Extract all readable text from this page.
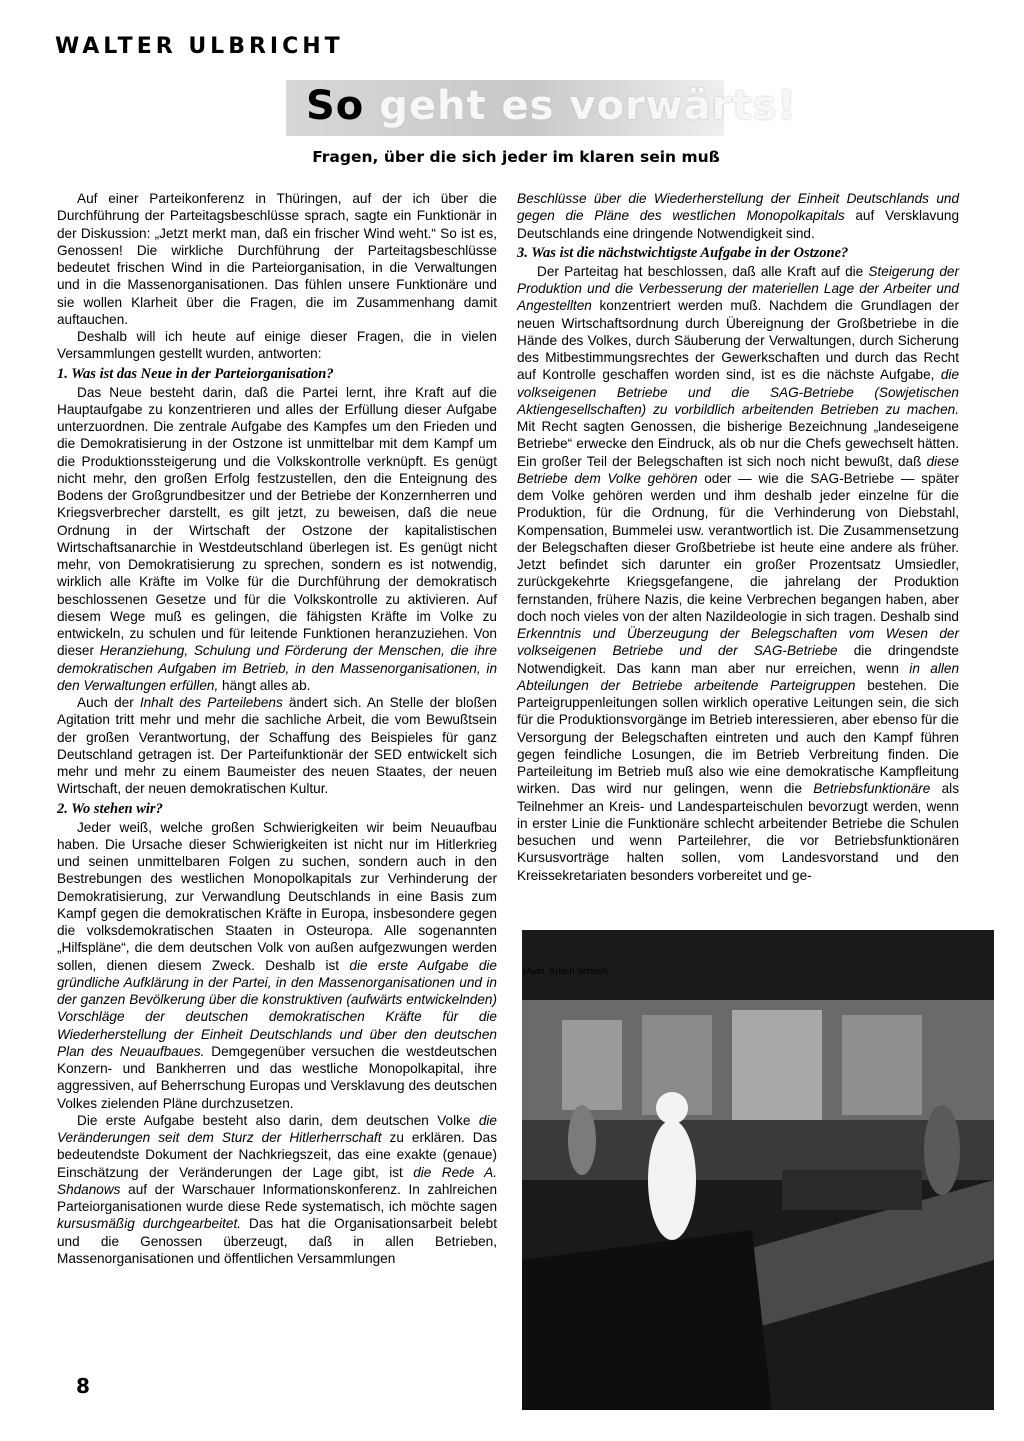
WALTER ULBRICHT
So geht es vorwärts!
Fragen, über die sich jeder im klaren sein muß

Auf einer Parteikonferenz in Thüringen, auf der ich über die Durchführung der Parteitagsbeschlüsse sprach, sagte ein Funktionär in der Diskussion: „Jetzt merkt man, daß ein frischer Wind weht.“ So ist es, Genossen! Die wirkliche Durchführung der Parteitagsbeschlüsse bedeutet frischen Wind in die Parteiorganisation, in die Verwaltungen und in die Massenorganisationen. Das fühlen unsere Funktionäre und sie wollen Klarheit über die Fragen, die im Zusammenhang damit auftauchen.

Deshalb will ich heute auf einige dieser Fragen, die in vielen Versammlungen gestellt wurden, antworten:

1. Was ist das Neue in der Parteiorganisation?

Das Neue besteht darin, daß die Partei lernt, ihre Kraft auf die Hauptaufgabe zu konzentrieren und alles der Erfüllung dieser Aufgabe unterzuordnen. Die zentrale Aufgabe des Kampfes um den Frieden und die Demokratisierung in der Ostzone ist unmittelbar mit dem Kampf um die Produktionssteigerung und die Volkskontrolle verknüpft. Es genügt nicht mehr, den großen Erfolg festzustellen, den die Enteignung des Bodens der Großgrundbesitzer und der Betriebe der Konzernherren und Kriegsverbrecher darstellt, es gilt jetzt, zu beweisen, daß die neue Ordnung in der Wirtschaft der Ostzone der kapitalistischen Wirtschaftsanarchie in Westdeutschland überlegen ist. Es genügt nicht mehr, von Demokratisierung zu sprechen, sondern es ist notwendig, wirklich alle Kräfte im Volke für die Durchführung der demokratisch beschlossenen Gesetze und für die Volkskontrolle zu aktivieren. Auf diesem Wege muß es gelingen, die fähigsten Kräfte im Volke zu entwickeln, zu schulen und für leitende Funktionen heranzuziehen. Von dieser Heranziehung, Schulung und Förderung der Menschen, die ihre demokratischen Aufgaben im Betrieb, in den Massenorganisationen, in den Verwaltungen erfüllen, hängt alles ab.

Auch der Inhalt des Parteilebens ändert sich. An Stelle der bloßen Agitation tritt mehr und mehr die sachliche Arbeit, die vom Bewußtsein der großen Verantwortung, der Schaffung des Beispieles für ganz Deutschland getragen ist. Der Parteifunktionär der SED entwickelt sich mehr und mehr zu einem Baumeister des neuen Staates, der neuen Wirtschaft, der neuen demokratischen Kultur.

2. Wo stehen wir?

Jeder weiß, welche großen Schwierigkeiten wir beim Neuaufbau haben. Die Ursache dieser Schwierigkeiten ist nicht nur im Hitlerkrieg und seinen unmittelbaren Folgen zu suchen, sondern auch in den Bestrebungen des westlichen Monopolkapitals zur Verhinderung der Demokratisierung, zur Verwandlung Deutschlands in eine Basis zum Kampf gegen die demokratischen Kräfte in Europa, insbesondere gegen die volksdemokratischen Staaten in Osteuropa. Alle sogenannten „Hilfspläne“, die dem deutschen Volk von außen aufgezwungen werden sollen, dienen diesem Zweck. Deshalb ist die erste Aufgabe die gründliche Aufklärung in der Partei, in den Massenorganisationen und in der ganzen Bevölkerung über die konstruktiven (aufwärts entwickelnden) Vorschläge der deutschen demokratischen Kräfte für die Wiederherstellung der Einheit Deutschlands und über den deutschen Plan des Neuaufbaues. Demgegenüber versuchen die westdeutschen Konzern- und Bankherren und das westliche Monopolkapital, ihre aggressiven, auf Beherrschung Europas und Versklavung des deutschen Volkes zielenden Pläne durchzusetzen.

Die erste Aufgabe besteht also darin, dem deutschen Volke die Veränderungen seit dem Sturz der Hitlerherrschaft zu erklären. Das bedeutendste Dokument der Nachkriegszeit, das eine exakte (genaue) Einschätzung der Veränderungen der Lage gibt, ist die Rede A. Shdanows auf der Warschauer Informationskonferenz. In zahlreichen Parteiorganisationen wurde diese Rede systematisch, ich möchte sagen kursusmäßig durchgearbeitet. Das hat die Organisationsarbeit belebt und die Genossen überzeugt, daß in allen Betrieben, Massenorganisationen und öffentlichen Versammlungen

Beschlüsse über die Wiederherstellung der Einheit Deutschlands und gegen die Pläne des westlichen Monopolkapitals auf Versklavung Deutschlands eine dringende Notwendigkeit sind.

3. Was ist die nächstwichtigste Aufgabe in der Ostzone?

Der Parteitag hat beschlossen, daß alle Kraft auf die Steigerung der Produktion und die Verbesserung der materiellen Lage der Arbeiter und Angestellten konzentriert werden muß. Nachdem die Grundlagen der neuen Wirtschaftsordnung durch Übereignung der Großbetriebe in die Hände des Volkes, durch Säuberung der Verwaltungen, durch Sicherung des Mitbestimmungsrechtes der Gewerkschaften und durch das Recht auf Kontrolle geschaffen worden sind, ist es die nächste Aufgabe, die volkseigenen Betriebe und die SAG-Betriebe (Sowjetischen Aktiengesellschaften) zu vorbildlich arbeitenden Betrieben zu machen. Mit Recht sagten Genossen, die bisherige Bezeichnung „landeseigene Betriebe“ erwecke den Eindruck, als ob nur die Chefs gewechselt hätten. Ein großer Teil der Belegschaften ist sich noch nicht bewußt, daß diese Betriebe dem Volke gehören oder — wie die SAG-Betriebe — später dem Volke gehören werden und ihm deshalb jeder einzelne für die Produktion, für die Ordnung, für die Verhinderung von Diebstahl, Kompensation, Bummelei usw. verantwortlich ist. Die Zusammensetzung der Belegschaften dieser Großbetriebe ist heute eine andere als früher. Jetzt befindet sich darunter ein großer Prozentsatz Umsiedler, zurückgekehrte Kriegsgefangene, die jahrelang der Produktion fernstanden, frühere Nazis, die keine Verbrechen begangen haben, aber doch noch vieles von der alten Nazildeologie in sich tragen. Deshalb sind Erkenntnis und Überzeugung der Belegschaften vom Wesen der volkseigenen Betriebe und der SAG-Betriebe die dringendste Notwendigkeit. Das kann man aber nur erreichen, wenn in allen Abteilungen der Betriebe arbeitende Parteigruppen bestehen. Die Parteigruppenleitungen sollen wirklich operative Leitungen sein, die sich für die Produktionsvorgänge im Betrieb interessieren, aber ebenso für die Versorgung der Belegschaften eintreten und auch den Kampf führen gegen feindliche Losungen, die im Betrieb Verbreitung finden. Die Parteileitung im Betrieb muß also wie eine demokratische Kampfleitung wirken. Das wird nur gelingen, wenn die Betriebsfunktionäre als Teilnehmer an Kreis- und Landesparteischulen bevorzugt werden, wenn in erster Linie die Funktionäre schlecht arbeitender Betriebe die Schulen besuchen und wenn Parteilehrer, die vor Betriebsfunktionären Kursusvorträge halten sollen, vom Landesvorstand und den Kreissekretariaten besonders vorbereitet und ge-

(Aufn. Krisch Schoof)
8
